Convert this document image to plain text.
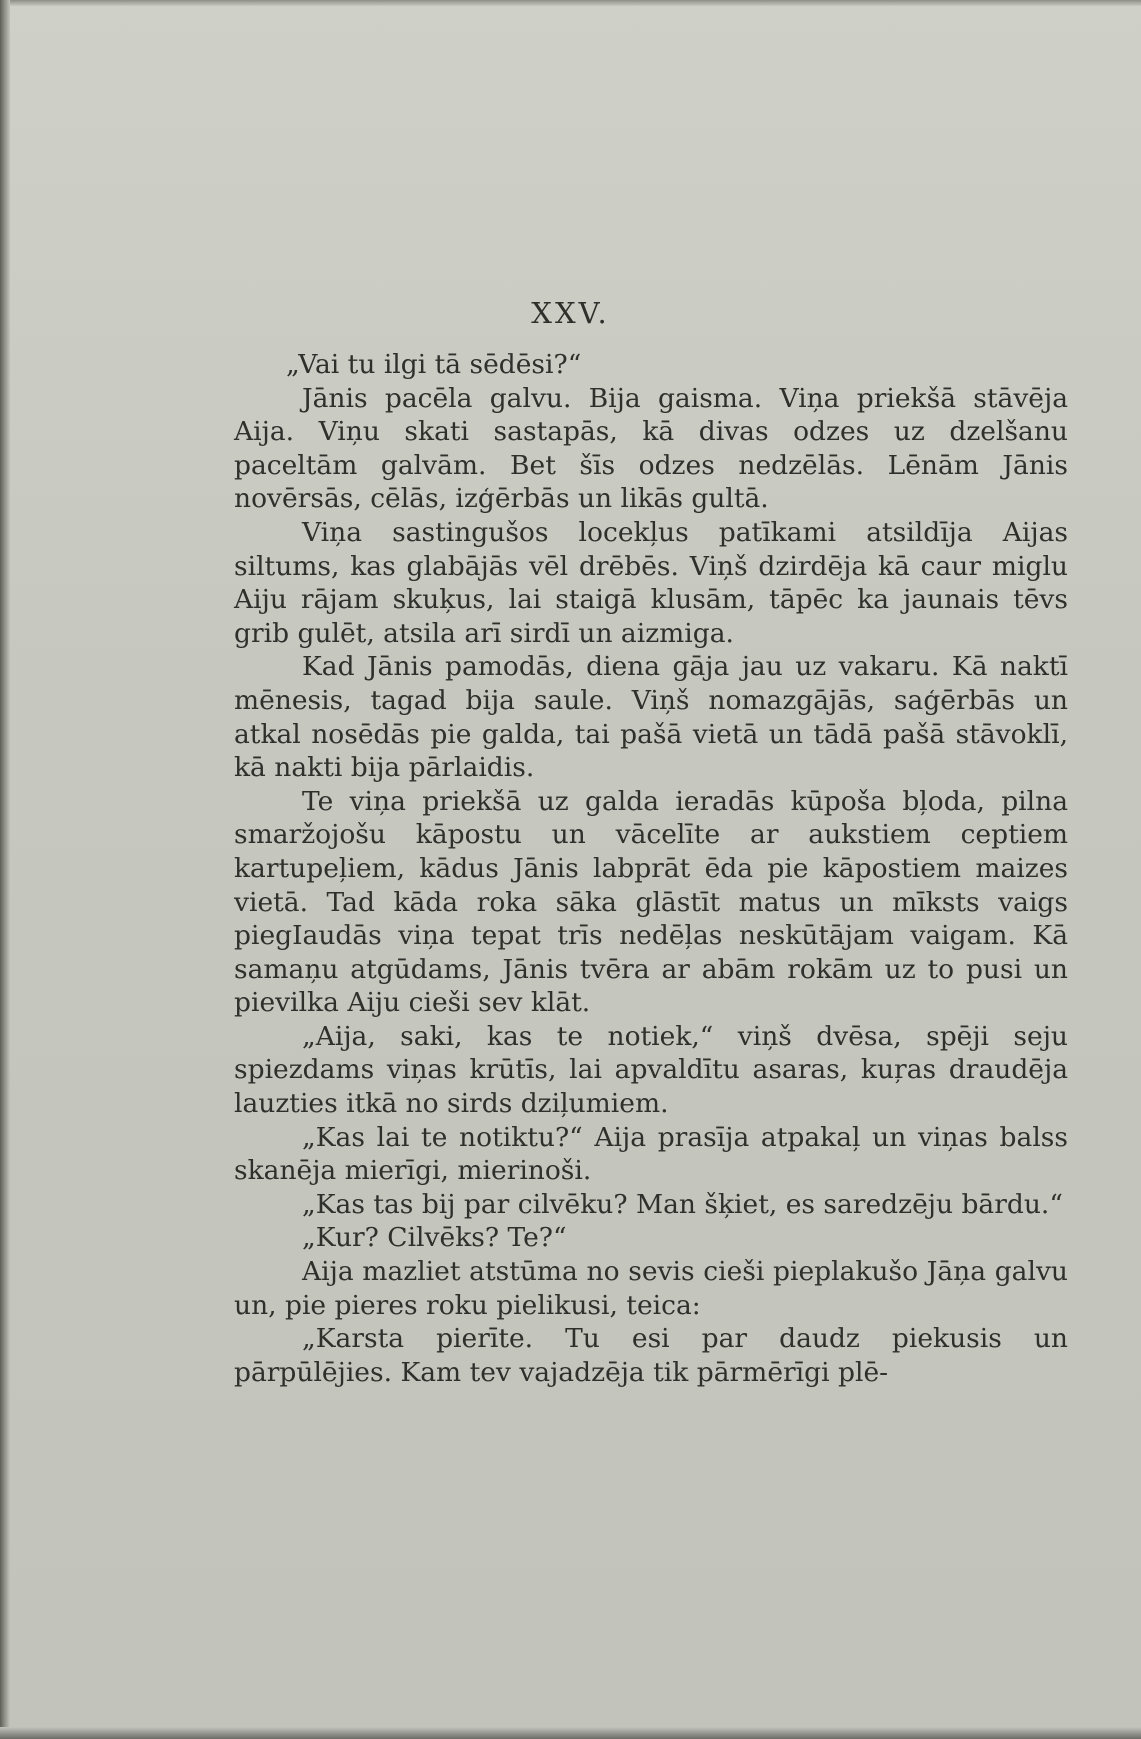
XXV.

„Vai tu ilgi tā sēdēsi?“

Jānis pacēla galvu. Bija gaisma. Viņa priekšā stāvēja Aija. Viņu skati sastapās, kā divas odzes uz dzelšanu paceltām galvām. Bet šīs odzes nedzēlās. Lēnām Jānis novērsās, cēlās, izģērbās un likās gultā.

Viņa sastingušos locekļus patīkami atsildīja Aijas siltums, kas glabājās vēl drēbēs. Viņš dzirdēja kā caur miglu Aiju rājam skuķus, lai staigā klusām, tāpēc ka jaunais tēvs grib gulēt, atsila arī sirdī un aizmiga.

Kad Jānis pamodās, diena gāja jau uz vakaru. Kā naktī mēnesis, tagad bija saule. Viņš nomazgājās, saģērbās un atkal nosēdās pie galda, tai pašā vietā un tādā pašā stāvoklī, kā nakti bija pārlaidis.

Te viņa priekšā uz galda ieradās kūpoša bļoda, pilna smaržojošu kāpostu un vācelīte ar aukstiem ceptiem kartupeļiem, kādus Jānis labprāt ēda pie kāpostiem maizes vietā. Tad kāda roka sāka glāstīt matus un mīksts vaigs piegIaudās viņa tepat trīs nedēļas neskūtājam vaigam. Kā samaņu atgūdams, Jānis tvēra ar abām rokām uz to pusi un pievilka Aiju cieši sev klāt.

„Aija, saki, kas te notiek,“ viņš dvēsa, spēji seju spiezdams viņas krūtīs, lai apvaldītu asaras, kuŗas draudēja lauzties itkā no sirds dziļumiem.

„Kas lai te notiktu?“ Aija prasīja atpakaļ un viņas balss skanēja mierīgi, mierinoši.

„Kas tas bij par cilvēku? Man šķiet, es saredzēju bārdu.“

„Kur? Cilvēks? Te?“

Aija mazliet atstūma no sevis cieši pieplakušo Jāņa galvu un, pie pieres roku pielikusi, teica:

„Karsta pierīte. Tu esi par daudz piekusis un pārpūlējies. Kam tev vajadzēja tik pārmērīgi plē-
